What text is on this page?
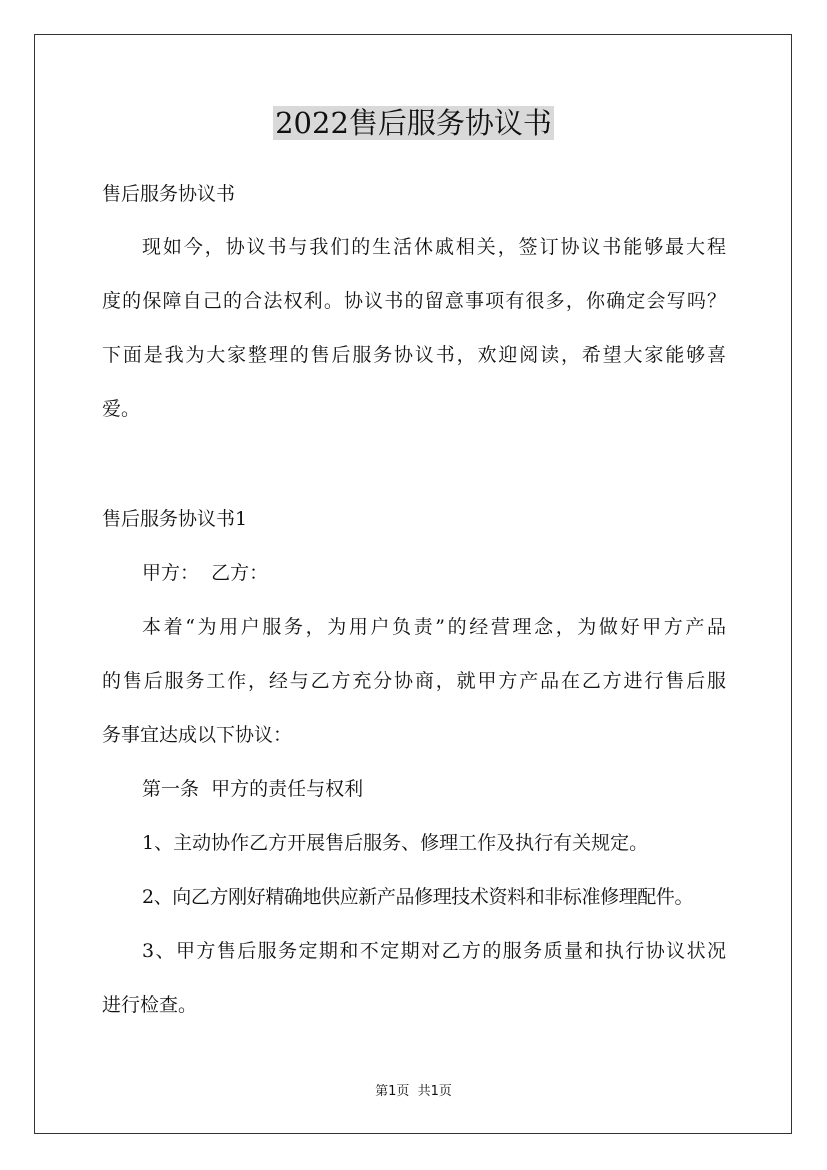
2022售后服务协议书
售后服务协议书
现如今，协议书与我们的生活休戚相关，签订协议书能够最大程
度的保障自己的合法权利。协议书的留意事项有很多，你确定会写吗？
下面是我为大家整理的售后服务协议书，欢迎阅读，希望大家能够喜
爱。
售后服务协议书1
甲方：  乙方：
本着“为用户服务，为用户负责”的经营理念，为做好甲方产品
的售后服务工作，经与乙方充分协商，就甲方产品在乙方进行售后服
务事宜达成以下协议：
第一条  甲方的责任与权利
1、主动协作乙方开展售后服务、修理工作及执行有关规定。
2、向乙方刚好精确地供应新产品修理技术资料和非标准修理配件。
3、甲方售后服务定期和不定期对乙方的服务质量和执行协议状况
进行检查。
第1页  共1页
